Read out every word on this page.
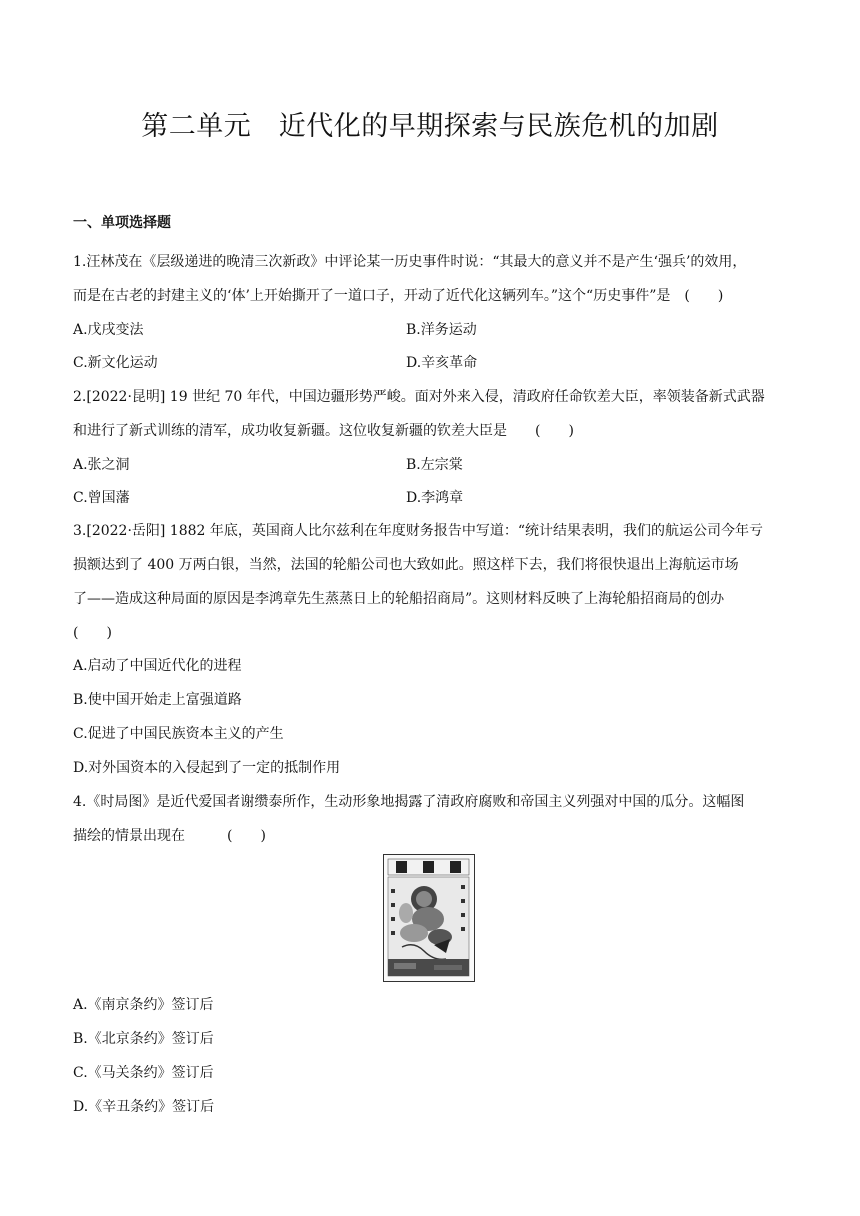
第二单元　近代化的早期探索与民族危机的加剧
一、单项选择题
1.汪林茂在《层级递进的晚清三次新政》中评论某一历史事件时说：“其最大的意义并不是产生‘强兵’的效用，
而是在古老的封建主义的‘体’上开始撕开了一道口子，开动了近代化这辆列车。”这个“历史事件”是　(　　)
A.戊戌变法	B.洋务运动
C.新文化运动	D.辛亥革命
2.[2022·昆明] 19 世纪 70 年代，中国边疆形势严峻。面对外来入侵，清政府任命钦差大臣，率领装备新式武器
和进行了新式训练的清军，成功收复新疆。这位收复新疆的钦差大臣是　　(　　)
A.张之洞	B.左宗棠
C.曾国藩	D.李鸿章
3.[2022·岳阳] 1882 年底，英国商人比尔兹利在年度财务报告中写道：“统计结果表明，我们的航运公司今年亏
损额达到了 400 万两白银，当然，法国的轮船公司也大致如此。照这样下去，我们将很快退出上海航运市场
了——造成这种局面的原因是李鸿章先生蒸蒸日上的轮船招商局”。这则材料反映了上海轮船招商局的创办
(　　)
A.启动了中国近代化的进程
B.使中国开始走上富强道路
C.促进了中国民族资本主义的产生
D.对外国资本的入侵起到了一定的抵制作用
4.《时局图》是近代爱国者谢缵泰所作，生动形象地揭露了清政府腐败和帝国主义列强对中国的瓜分。这幅图
描绘的情景出现在　　　(　　)
A.《南京条约》签订后
B.《北京条约》签订后
C.《马关条约》签订后
D.《辛丑条约》签订后
